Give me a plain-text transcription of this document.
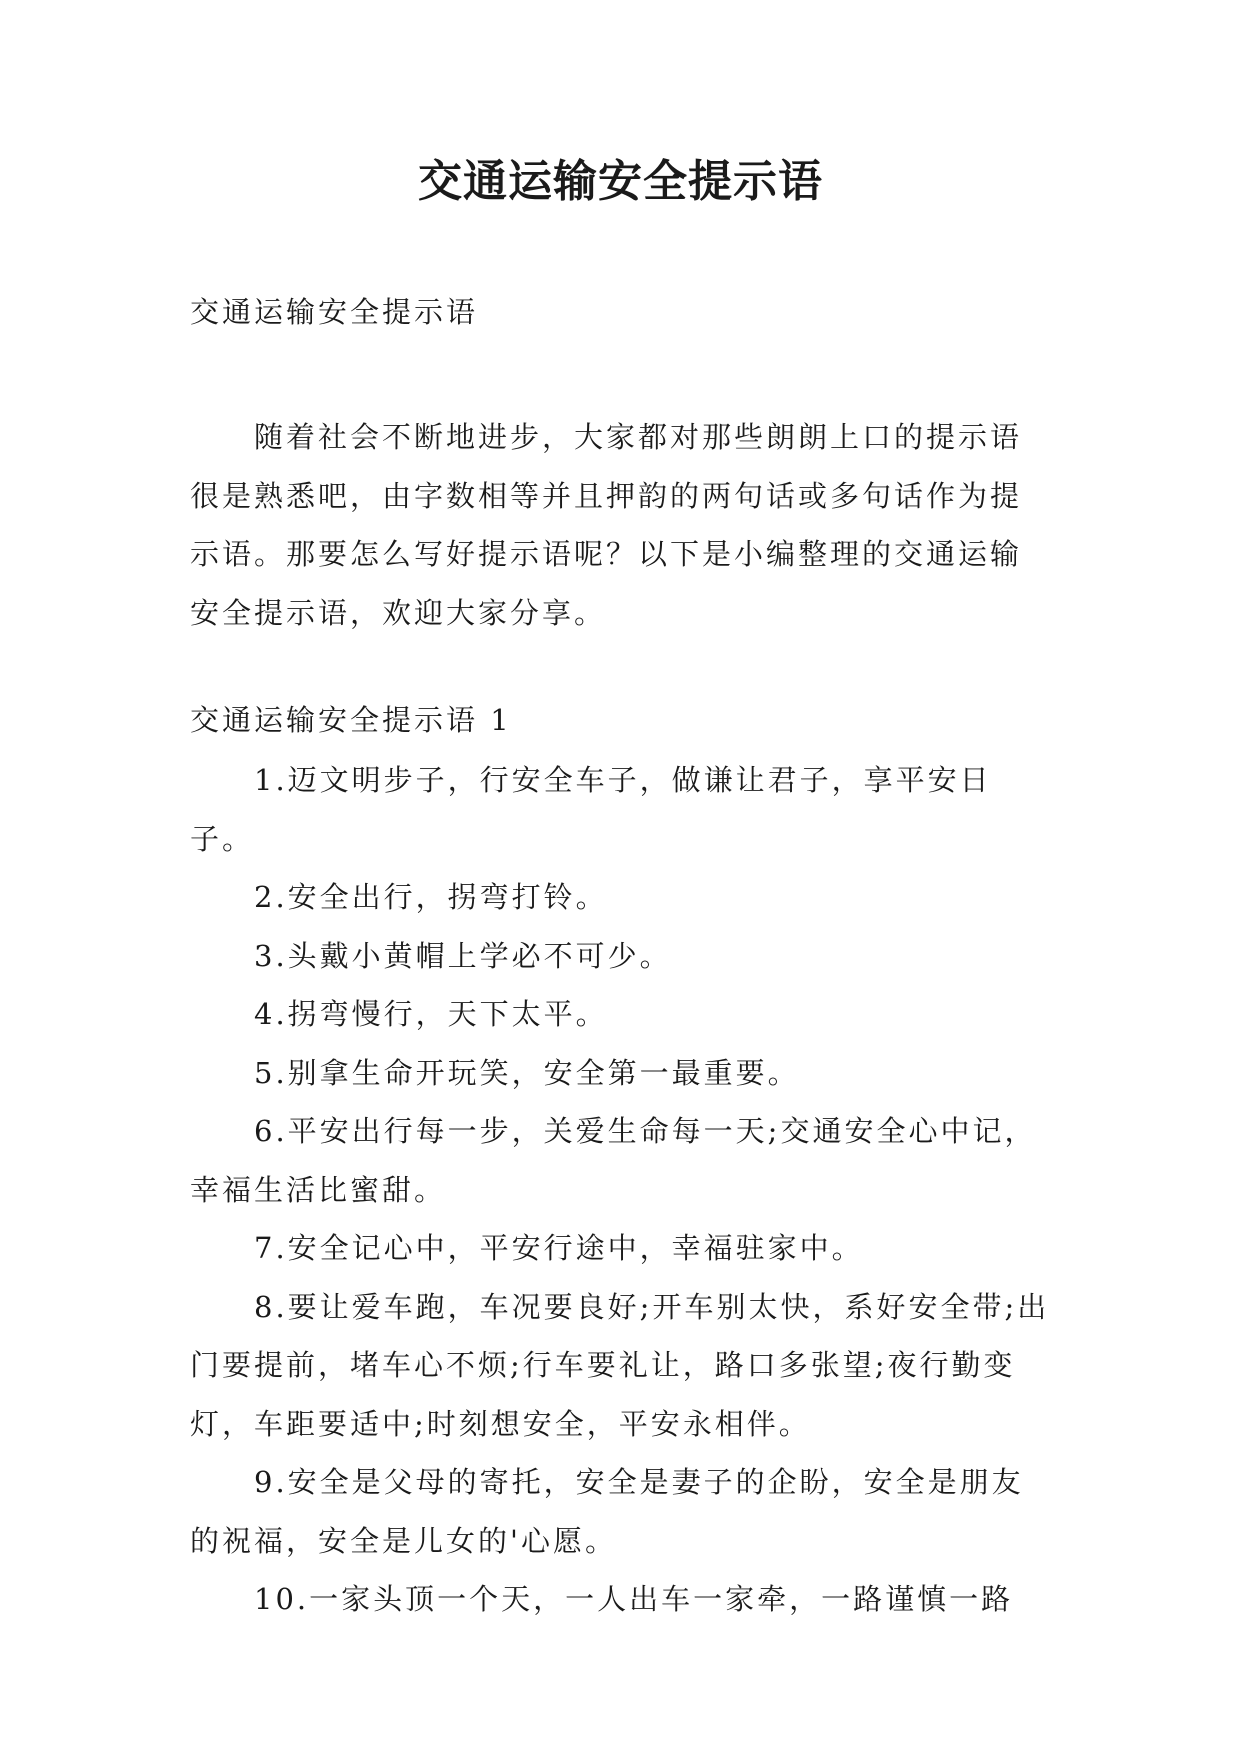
交通运输安全提示语

交通运输安全提示语

随着社会不断地进步，大家都对那些朗朗上口的提示语很是熟悉吧，由字数相等并且押韵的两句话或多句话作为提示语。那要怎么写好提示语呢？以下是小编整理的交通运输安全提示语，欢迎大家分享。

交通运输安全提示语 1

1.迈文明步子，行安全车子，做谦让君子，享平安日子。
2.安全出行，拐弯打铃。
3.头戴小黄帽上学必不可少。
4.拐弯慢行，天下太平。
5.别拿生命开玩笑，安全第一最重要。
6.平安出行每一步，关爱生命每一天;交通安全心中记，幸福生活比蜜甜。
7.安全记心中，平安行途中，幸福驻家中。
8.要让爱车跑，车况要良好;开车别太快，系好安全带;出门要提前，堵车心不烦;行车要礼让，路口多张望;夜行勤变灯，车距要适中;时刻想安全，平安永相伴。
9.安全是父母的寄托，安全是妻子的企盼，安全是朋友的祝福，安全是儿女的'心愿。
10.一家头顶一个天，一人出车一家牵，一路谨慎一路
